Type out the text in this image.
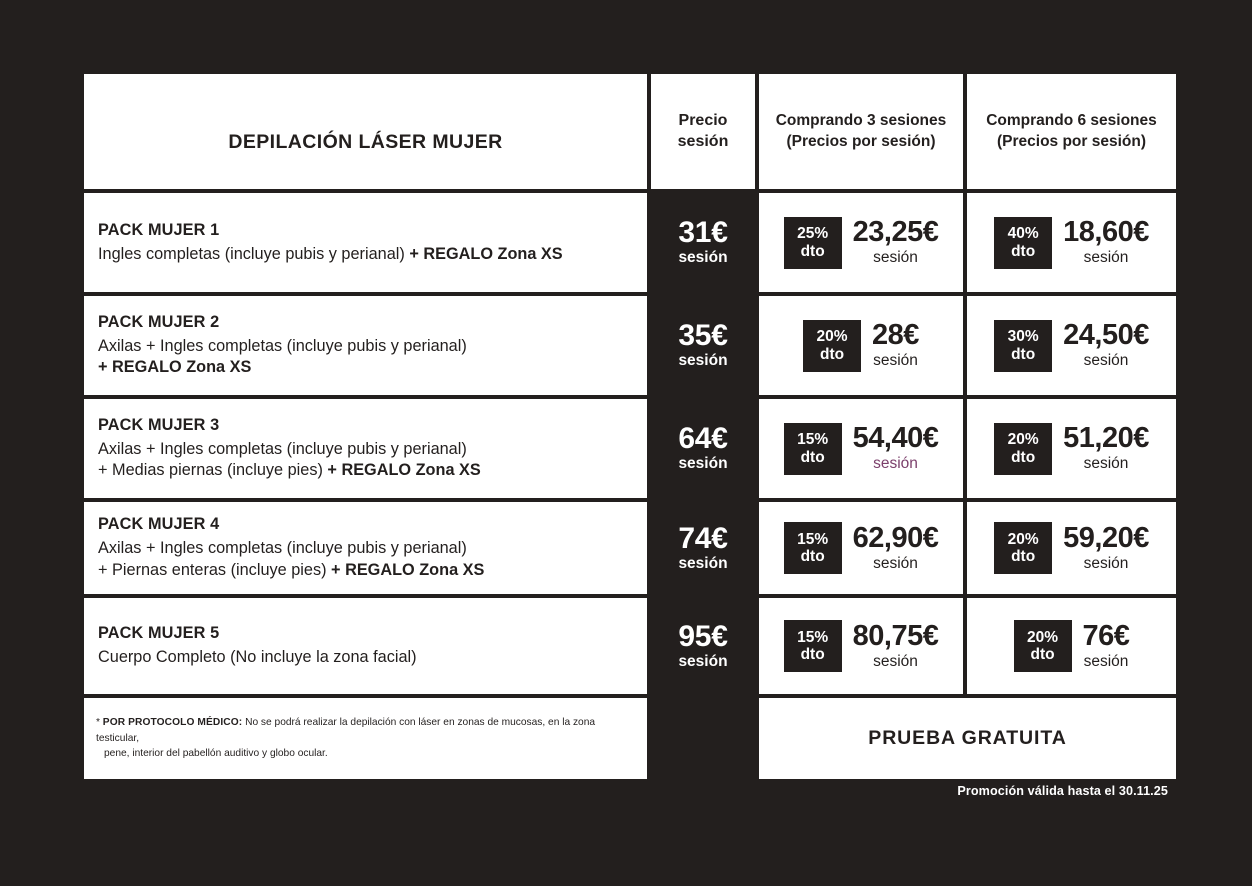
DEPILACIÓN LÁSER MUJER
Precio
sesión
Comprando 3 sesiones
(Precios por sesión)
Comprando 6 sesiones
(Precios por sesión)
31€
sesión
35€
sesión
64€
sesión
74€
sesión
95€
sesión
PACK MUJER 1
Ingles completas (incluye pubis y perianal) + REGALO Zona XS
25%
dto
23,25€
sesión
40%
dto
18,60€
sesión
PACK MUJER 2
Axilas + Ingles completas (incluye pubis y perianal)
+ REGALO Zona XS
20%
dto
28€
sesión
30%
dto
24,50€
sesión
PACK MUJER 3
Axilas + Ingles completas (incluye pubis y perianal)
+ Medias piernas (incluye pies) + REGALO Zona XS
15%
dto
54,40€
sesión
20%
dto
51,20€
sesión
PACK MUJER 4
Axilas + Ingles completas (incluye pubis y perianal)
+ Piernas enteras (incluye pies) + REGALO Zona XS
15%
dto
62,90€
sesión
20%
dto
59,20€
sesión
PACK MUJER 5
Cuerpo Completo (No incluye la zona facial)
15%
dto
80,75€
sesión
20%
dto
76€
sesión
* POR PROTOCOLO MÉDICO: No se podrá realizar la depilación con láser en zonas de mucosas, en la zona testicular,
pene, interior del pabellón auditivo y globo ocular.
PRUEBA GRATUITA
Las zonas de los packs no se pueden cambiar.
Promoción válida hasta el 30.11.25
